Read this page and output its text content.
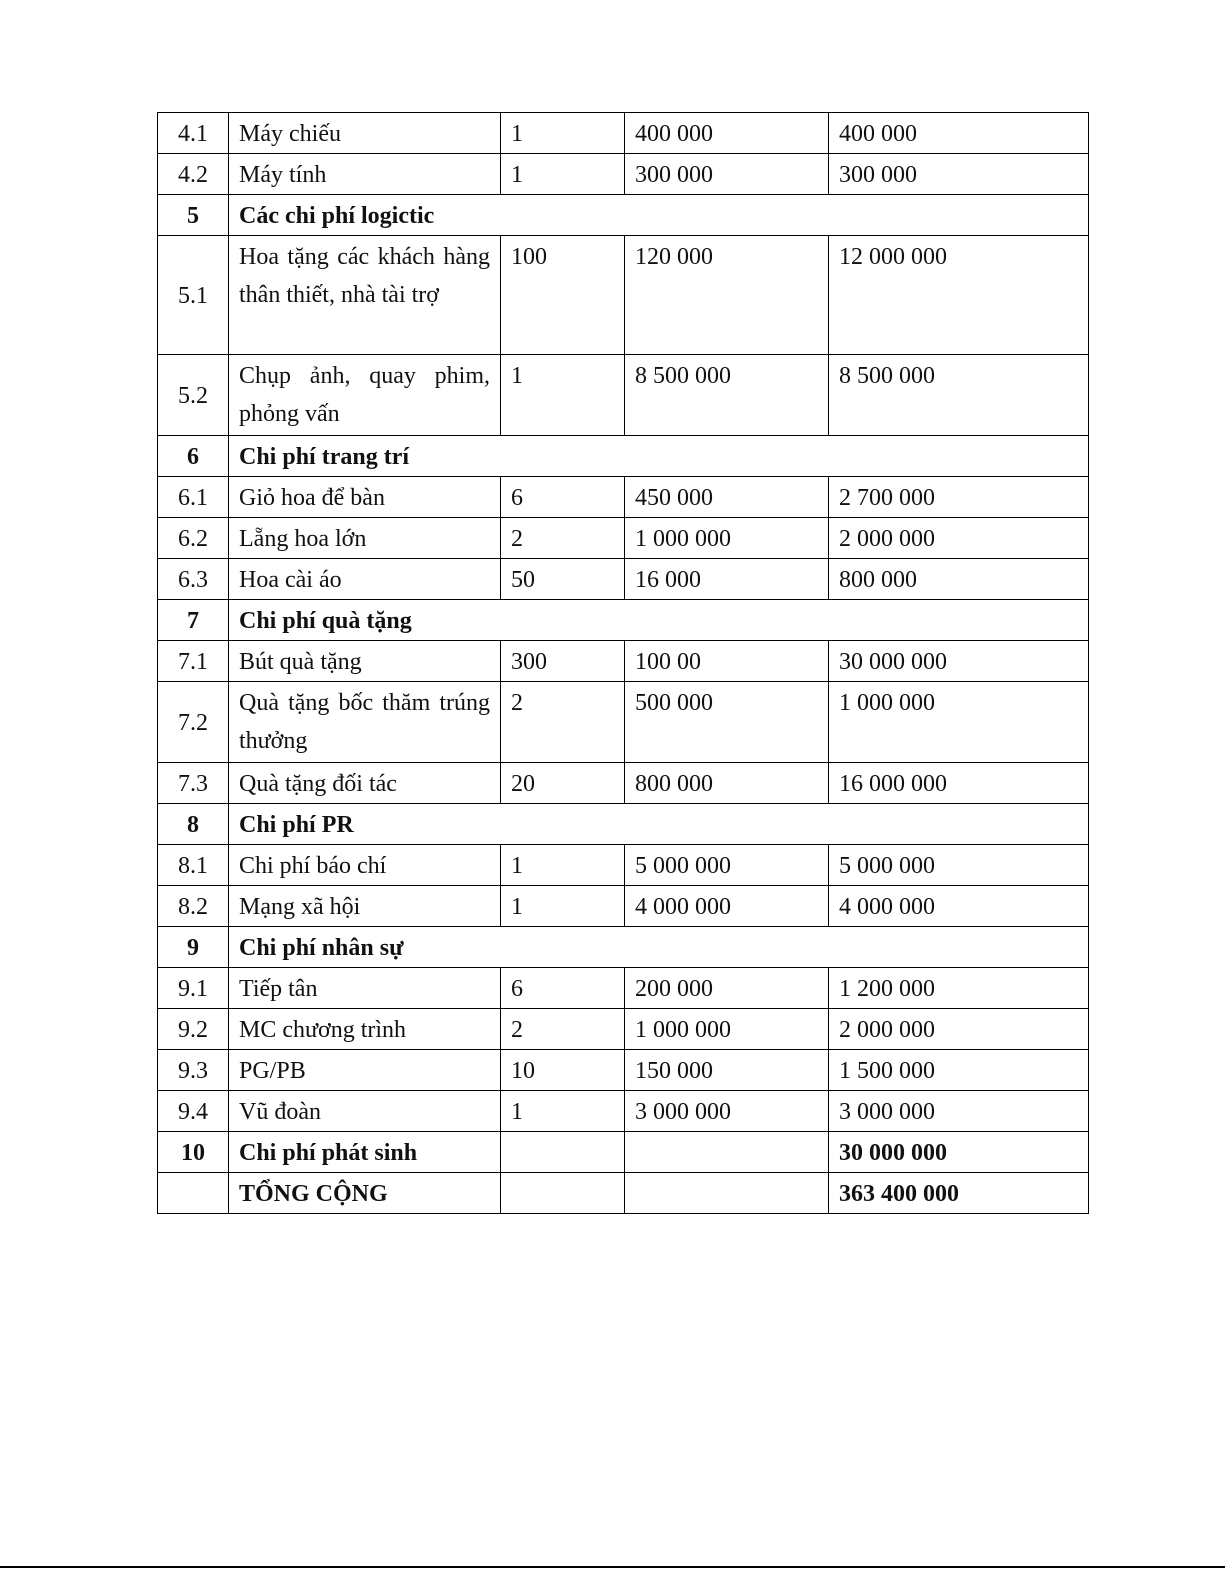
4.1	Máy chiếu	1	400 000	400 000
4.2	Máy tính	1	300 000	300 000
5	Các chi phí logictic			
5.1	Hoa tặng các khách hàng thân thiết, nhà tài trợ	100	120 000	12 000 000
5.2	Chụp ảnh, quay phim, phỏng vấn	1	8 500 000	8 500 000
6	Chi phí trang trí			
6.1	Giỏ hoa để bàn	6	450 000	2 700 000
6.2	Lẵng hoa lớn	2	1 000 000	2 000 000
6.3	Hoa cài áo	50	16 000	800 000
7	Chi phí quà tặng			
7.1	Bút quà tặng	300	100 00	30 000 000
7.2	Quà tặng bốc thăm trúng thưởng	2	500 000	1 000 000
7.3	Quà tặng đối tác	20	800 000	16 000 000
8	Chi phí PR			
8.1	Chi phí báo chí	1	5 000 000	5 000 000
8.2	Mạng xã hội	1	4 000 000	4 000 000
9	Chi phí nhân sự			
9.1	Tiếp tân	6	200 000	1 200 000
9.2	MC chương trình	2	1 000 000	2 000 000
9.3	PG/PB	10	150 000	1 500 000
9.4	Vũ đoàn	1	3 000 000	3 000 000
10	Chi phí phát sinh			30 000 000
	TỔNG CỘNG			363 400 000
